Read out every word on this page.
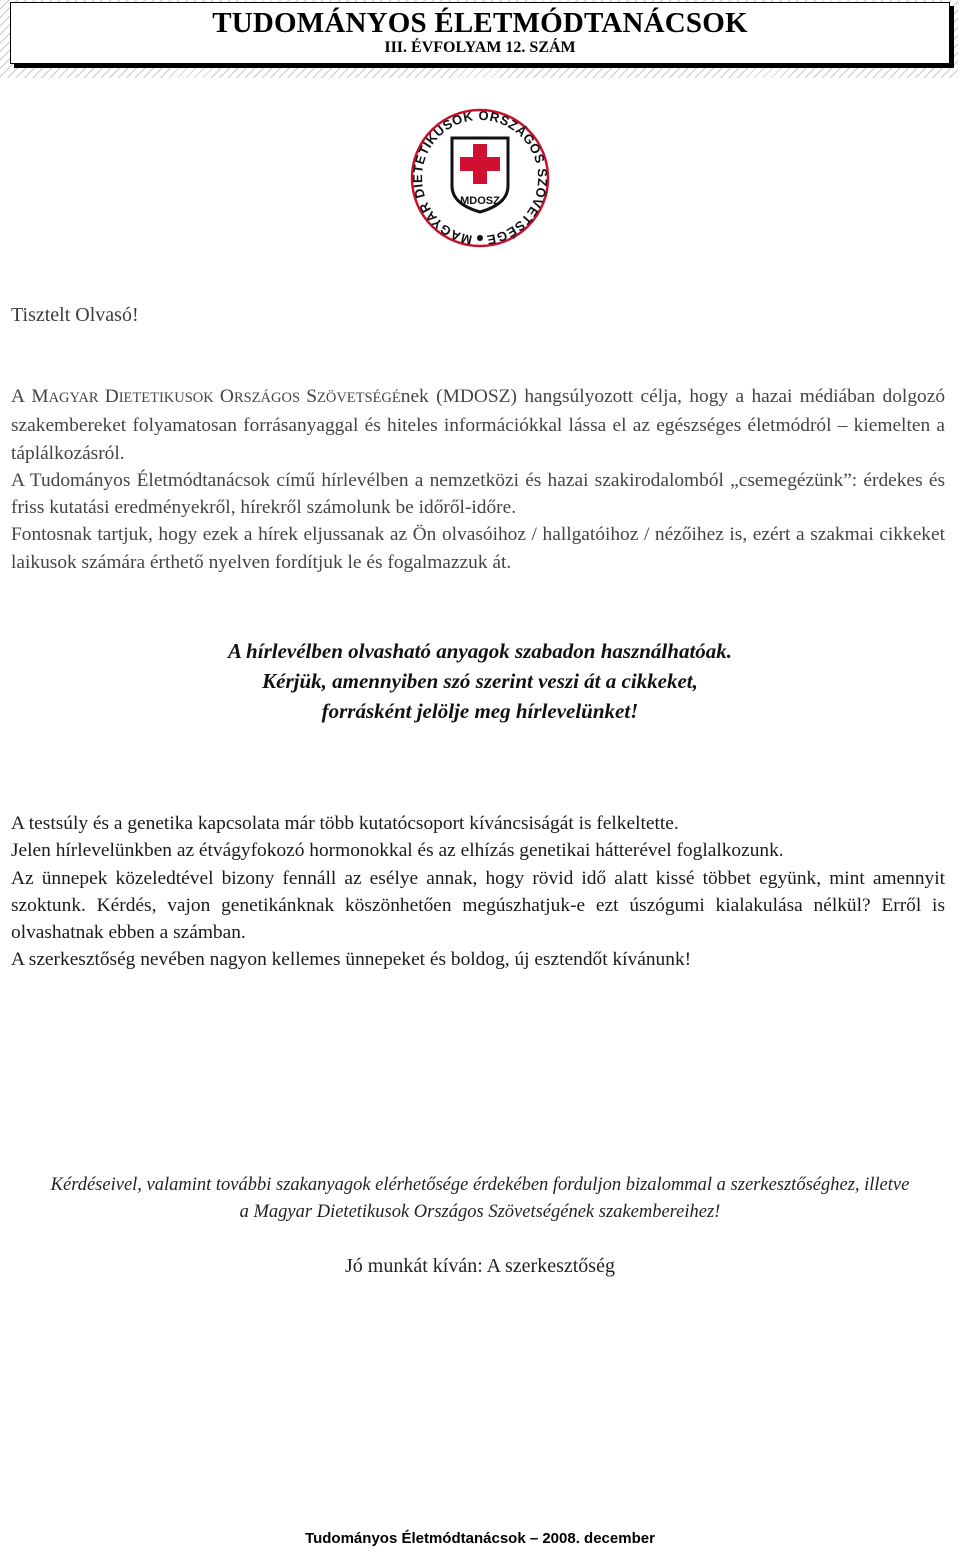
TUDOMÁNYOS ÉLETMÓDTANÁCSOK
III. ÉVFOLYAM 12. SZÁM
MAGYAR DIETETIKUSOK ORSZÁGOS SZÖVETSÉGE
MDOSZ
Tisztelt Olvasó!

A MAGYAR DIETETIKUSOK ORSZÁGOS SZÖVETSÉGÉnek (MDOSZ) hangsúlyozott célja, hogy a hazai médiában dolgozó szakembereket folyamatosan forrásanyaggal és hiteles információkkal lássa el az egészséges életmódról – kiemelten a táplálkozásról.

A Tudományos Életmódtanácsok című hírlevélben a nemzetközi és hazai szakirodalomból „csemegézünk”: érdekes és friss kutatási eredményekről, hírekről számolunk be időről-időre.

Fontosnak tartjuk, hogy ezek a hírek eljussanak az Ön olvasóihoz / hallgatóihoz / nézőihez is, ezért a szakmai cikkeket laikusok számára érthető nyelven fordítjuk le és fogalmazzuk át.

A hírlevélben olvasható anyagok szabadon használhatóak.
Kérjük, amennyiben szó szerint veszi át a cikkeket,
forrásként jelölje meg hírlevelünket!

A testsúly és a genetika kapcsolata már több kutatócsoport kíváncsiságát is felkeltette.

Jelen hírlevelünkben az étvágyfokozó hormonokkal és az elhízás genetikai hátterével foglalkozunk.

Az ünnepek közeledtével bizony fennáll az esélye annak, hogy rövid idő alatt kissé többet együnk, mint amennyit szoktunk. Kérdés, vajon genetikánknak köszönhetően megúszhatjuk-e ezt úszógumi kialakulása nélkül? Erről is olvashatnak ebben a számban.

A szerkesztőség nevében nagyon kellemes ünnepeket és boldog, új esztendőt kívánunk!

Kérdéseivel, valamint további szakanyagok elérhetősége érdekében forduljon bizalommal a szerkesztőséghez, illetve
a Magyar Dietetikusok Országos Szövetségének szakembereihez!
Jó munkát kíván: A szerkesztőség
Tudományos Életmódtanácsok – 2008. december
